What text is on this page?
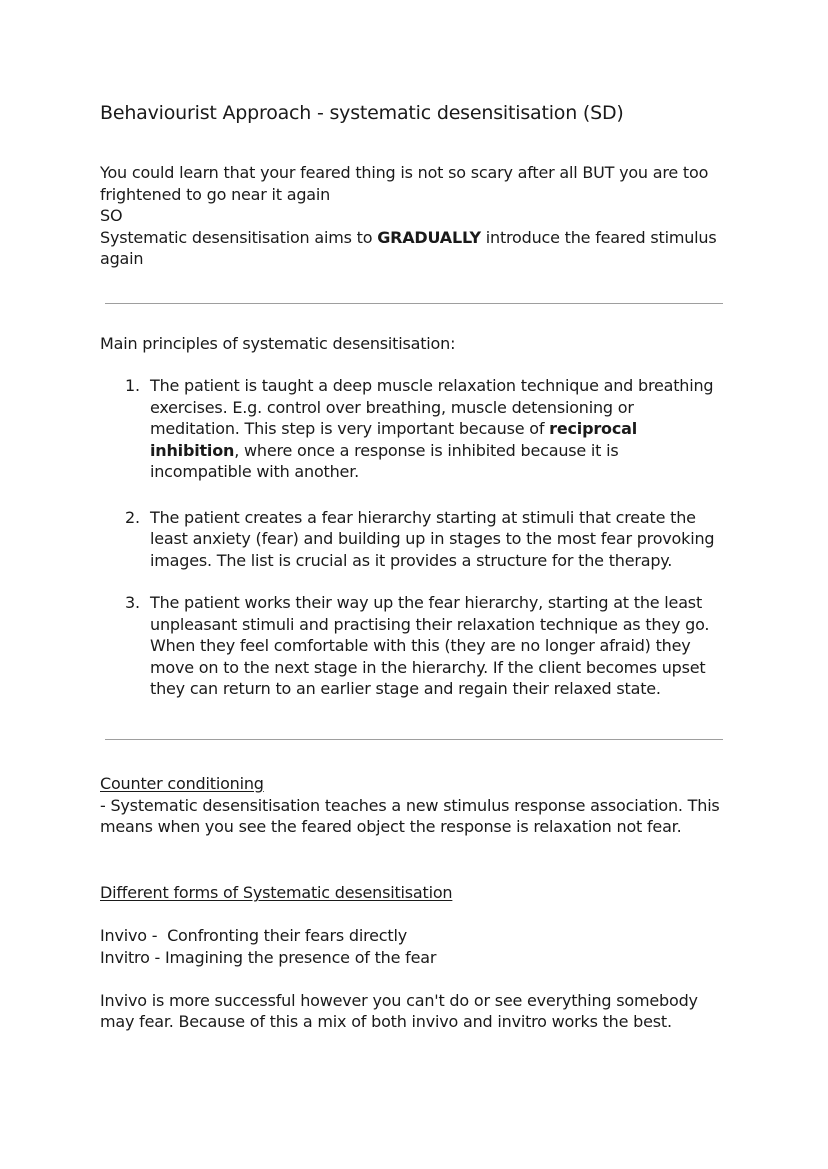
Behaviourist Approach - systematic desensitisation (SD)

You could learn that your feared thing is not so scary after all BUT you are too frightened to go near it again

SO

Systematic desensitisation aims to GRADUALLY introduce the feared stimulus again

Main principles of systematic desensitisation:
1. The patient is taught a deep muscle relaxation technique and breathing exercises. E.g. control over breathing, muscle detensioning or meditation. This step is very important because of reciprocal inhibition, where once a response is inhibited because it is incompatible with another.
2. The patient creates a fear hierarchy starting at stimuli that create the least anxiety (fear) and building up in stages to the most fear provoking images. The list is crucial as it provides a structure for the therapy.
3. The patient works their way up the fear hierarchy, starting at the least unpleasant stimuli and practising their relaxation technique as they go. When they feel comfortable with this (they are no longer afraid) they move on to the next stage in the hierarchy. If the client becomes upset they can return to an earlier stage and regain their relaxed state.

Counter conditioning

- Systematic desensitisation teaches a new stimulus response association. This means when you see the feared object the response is relaxation not fear.

Different forms of Systematic desensitisation

Invivo -  Confronting their fears directly

Invitro - Imagining the presence of the fear

Invivo is more successful however you can't do or see everything somebody may fear. Because of this a mix of both invivo and invitro works the best.
